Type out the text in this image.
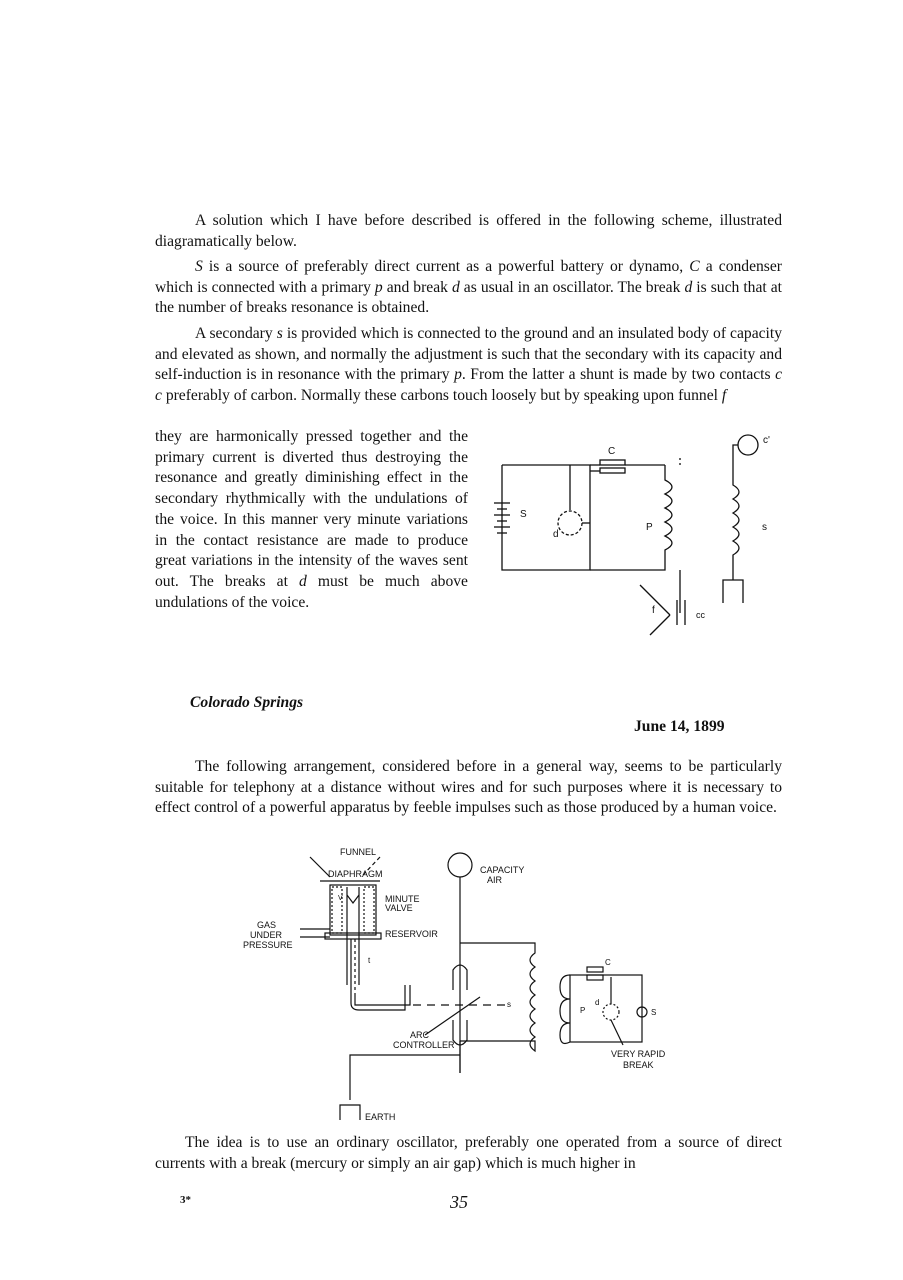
A solution which I have before described is offered in the following scheme, illustrated diagramatically below.

S is a source of preferably direct current as a powerful battery or dynamo, C a condenser which is connected with a primary p and break d as usual in an oscillator. The break d is such that at the number of breaks resonance is obtained.

A secondary s is provided which is connected to the ground and an insulated body of capacity and elevated as shown, and normally the adjustment is such that the secondary with its capacity and self-induction is in resonance with the primary p. From the latter a shunt is made by two contacts c c preferably of carbon. Normally these carbons touch loosely but by speaking upon funnel f

they are harmonically pressed together and the primary current is diverted thus destroying the resonance and greatly diminishing effect in the secondary rhythmically with the undulations of the voice. In this manner very minute variations in the contact resistance are made to produce great variations in the intensity of the waves sent out. The breaks at d must be much above undulations of the voice.

C
c'
S
d
P	s
f	cc

Colorado Springs

June 14, 1899

The following arrangement, considered before in a general way, seems to be particularly suitable for telephony at a distance without wires and for such purposes where it is necessary to effect control of a powerful apparatus by feeble impulses such as those produced by a human voice.

FUNNEL
DIAPHRAGM
V	MINUTE
VALVE
CAPACITY
AIR
GAS
UNDER
PRESSURE
RESERVOIR
t
s
C
P
d
S
ARC
CONTROLLER
VERY RAPID
BREAK
EARTH

The idea is to use an ordinary oscillator, preferably one operated from a source of direct currents with a break (mercury or simply an air gap) which is much higher in

3*	35
